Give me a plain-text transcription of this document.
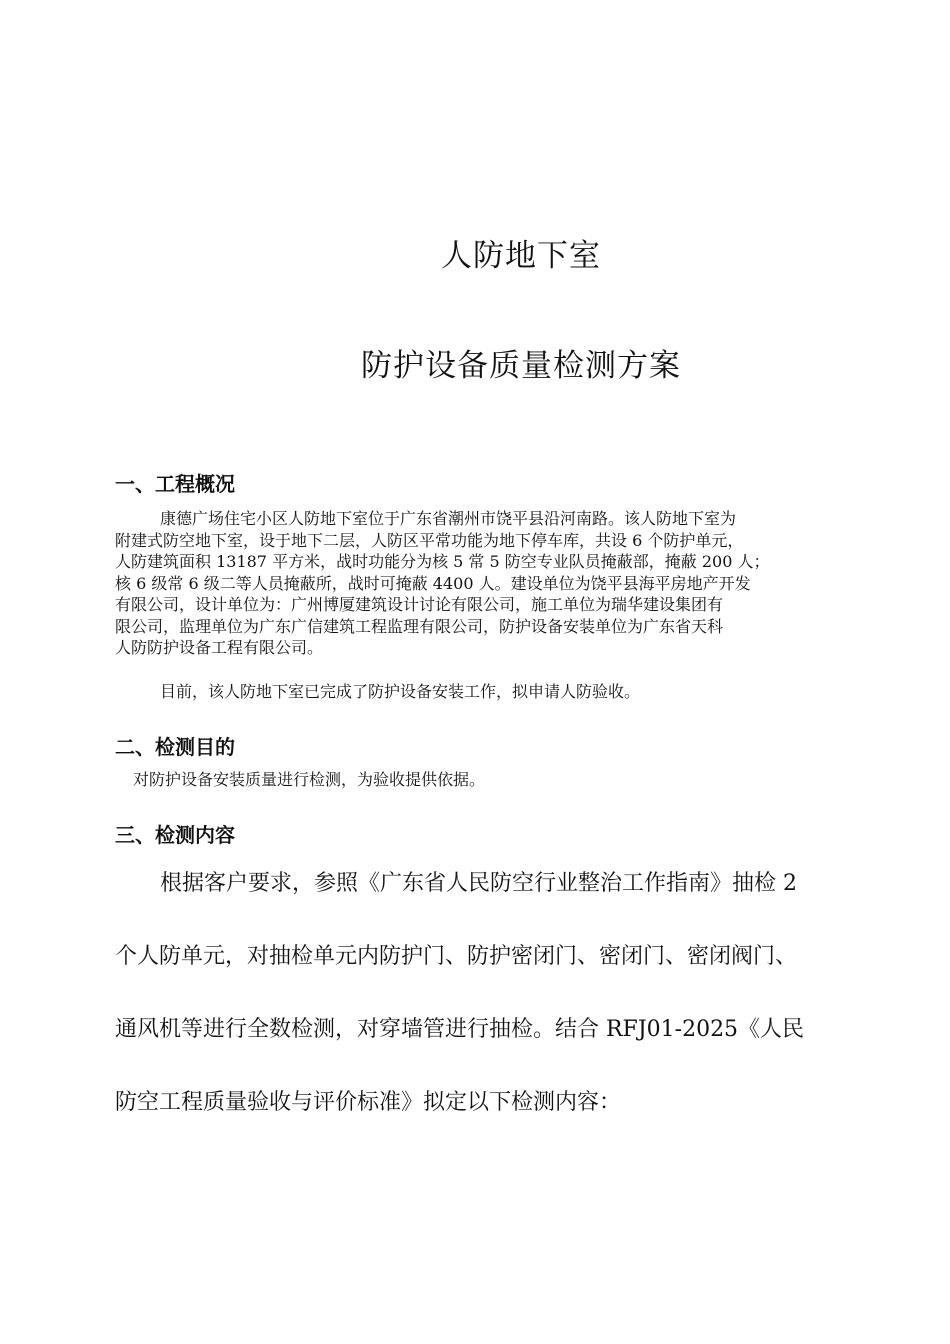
人防地下室
防护设备质量检测方案
一、工程概况
康德广场住宅小区人防地下室位于广东省潮州市饶平县沿河南路。该人防地下室为
附建式防空地下室，设于地下二层，人防区平常功能为地下停车库，共设 6 个防护单元，
人防建筑面积 13187 平方米，战时功能分为核 5 常 5 防空专业队员掩蔽部，掩蔽 200 人；
核 6 级常 6 级二等人员掩蔽所，战时可掩蔽 4400 人。建设单位为饶平县海平房地产开发
有限公司，设计单位为：广州博厦建筑设计讨论有限公司，施工单位为瑞华建设集团有
限公司，监理单位为广东广信建筑工程监理有限公司，防护设备安装单位为广东省天科
人防防护设备工程有限公司。
目前，该人防地下室已完成了防护设备安装工作，拟申请人防验收。
二、检测目的
对防护设备安装质量进行检测，为验收提供依据。
三、检测内容
根据客户要求，参照《广东省人民防空行业整治工作指南》抽检 2
个人防单元，对抽检单元内防护门、防护密闭门、密闭门、密闭阀门、
通风机等进行全数检测，对穿墙管进行抽检。结合 RFJ01-2025《人民
防空工程质量验收与评价标准》拟定以下检测内容：
